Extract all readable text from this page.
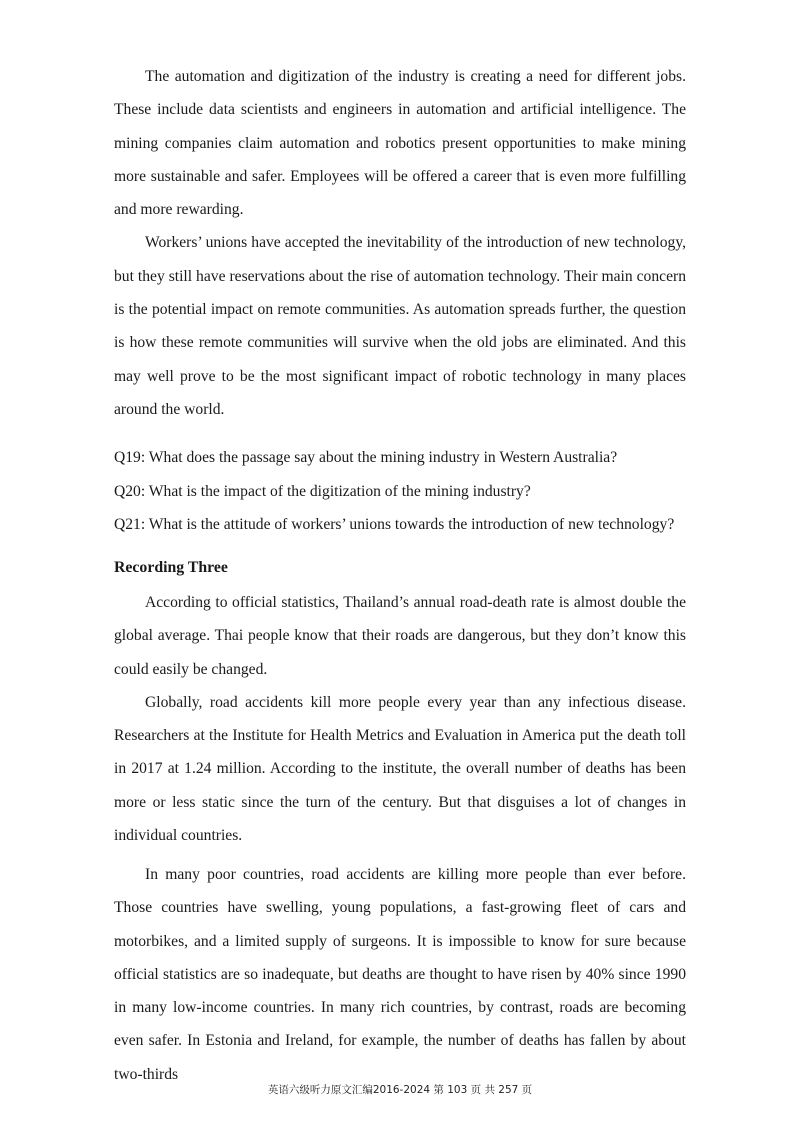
The automation and digitization of the industry is creating a need for different jobs. These include data scientists and engineers in automation and artificial intelligence. The mining companies claim automation and robotics present opportunities to make mining more sustainable and safer. Employees will be offered a career that is even more fulfilling and more rewarding.

Workers’ unions have accepted the inevitability of the introduction of new technology, but they still have reservations about the rise of automation technology. Their main concern is the potential impact on remote communities. As automation spreads further, the question is how these remote communities will survive when the old jobs are eliminated. And this may well prove to be the most significant impact of robotic technology in many places around the world.

Q19: What does the passage say about the mining industry in Western Australia?

Q20: What is the impact of the digitization of the mining industry?

Q21: What is the attitude of workers’ unions towards the introduction of new technology?

Recording Three

According to official statistics, Thailand’s annual road-death rate is almost double the global average. Thai people know that their roads are dangerous, but they don’t know this could easily be changed.

Globally, road accidents kill more people every year than any infectious disease. Researchers at the Institute for Health Metrics and Evaluation in America put the death toll in 2017 at 1.24 million. According to the institute, the overall number of deaths has been more or less static since the turn of the century. But that disguises a lot of changes in individual countries.

In many poor countries, road accidents are killing more people than ever before. Those countries have swelling, young populations, a fast-growing fleet of cars and motorbikes, and a limited supply of surgeons. It is impossible to know for sure because official statistics are so inadequate, but deaths are thought to have risen by 40% since 1990 in many low-income countries. In many rich countries, by contrast, roads are becoming even safer. In Estonia and Ireland, for example, the number of deaths has fallen by about two-thirds

英语六级听力原文汇编2016-2024 第 103 页 共 257 页
